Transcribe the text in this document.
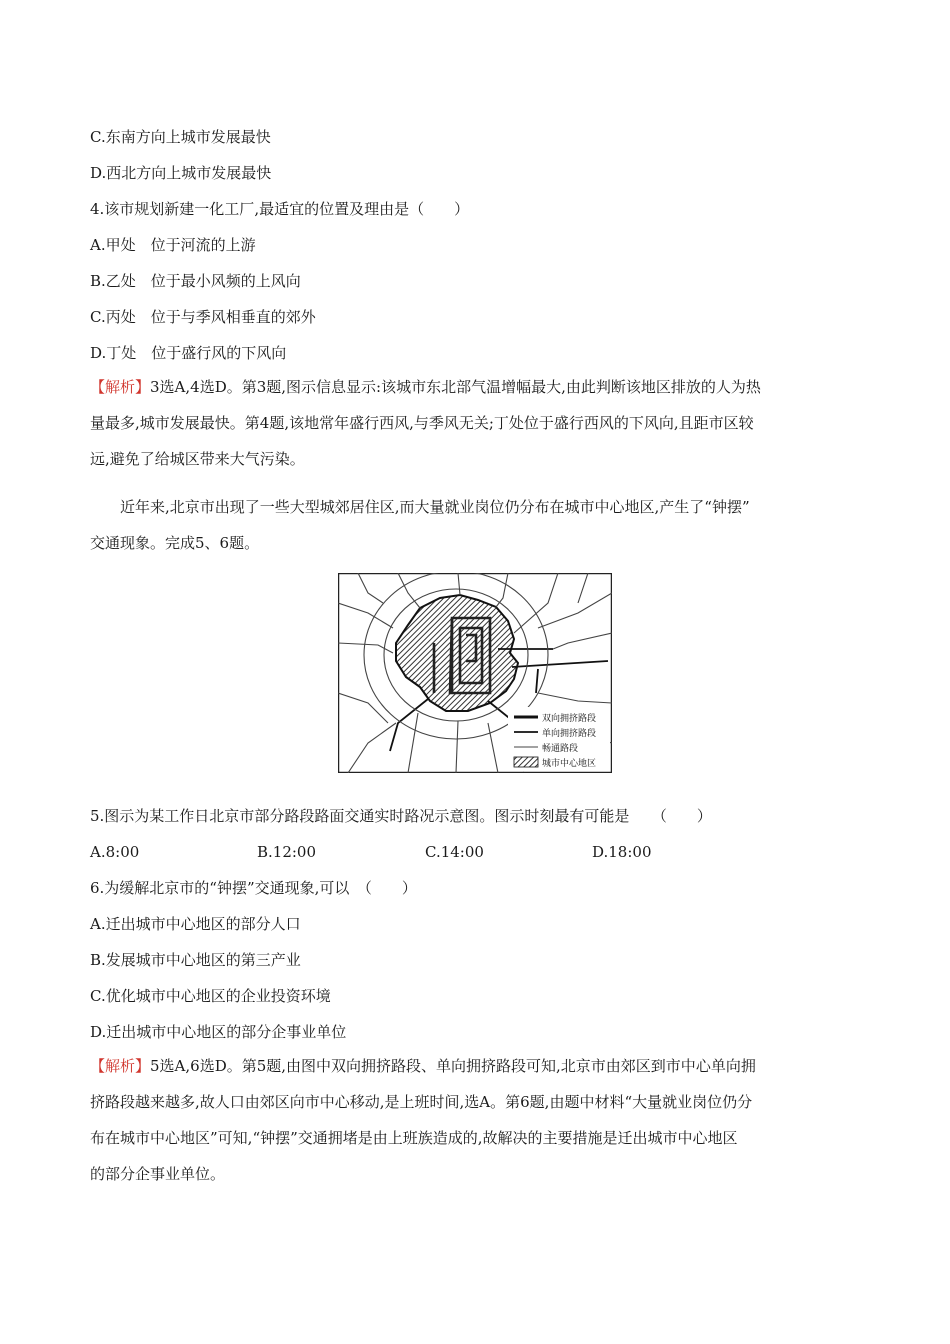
C.东南方向上城市发展最快
D.西北方向上城市发展最快
4.该市规划新建一化工厂,最适宜的位置及理由是（　　）
A.甲处　位于河流的上游
B.乙处　位于最小风频的上风向
C.丙处　位于与季风相垂直的郊外
D.丁处　位于盛行风的下风向
【解析】3选A,4选D。第3题,图示信息显示:该城市东北部气温增幅最大,由此判断该地区排放的人为热
量最多,城市发展最快。第4题,该地常年盛行西风,与季风无关;丁处位于盛行西风的下风向,且距市区较
远,避免了给城区带来大气污染。
近年来,北京市出现了一些大型城郊居住区,而大量就业岗位仍分布在城市中心地区,产生了“钟摆”
交通现象。完成5、6题。
双向拥挤路段
单向拥挤路段
畅通路段
城市中心地区
5.图示为某工作日北京市部分路段路面交通实时路况示意图。图示时刻最有可能是　　（　　）
A.8:00	B.12:00	C.14:00	D.18:00
6.为缓解北京市的“钟摆”交通现象,可以　（　　）
A.迁出城市中心地区的部分人口
B.发展城市中心地区的第三产业
C.优化城市中心地区的企业投资环境
D.迁出城市中心地区的部分企事业单位
【解析】5选A,6选D。第5题,由图中双向拥挤路段、单向拥挤路段可知,北京市由郊区到市中心单向拥
挤路段越来越多,故人口由郊区向市中心移动,是上班时间,选A。第6题,由题中材料“大量就业岗位仍分
布在城市中心地区”可知,“钟摆”交通拥堵是由上班族造成的,故解决的主要措施是迁出城市中心地区
的部分企事业单位。
